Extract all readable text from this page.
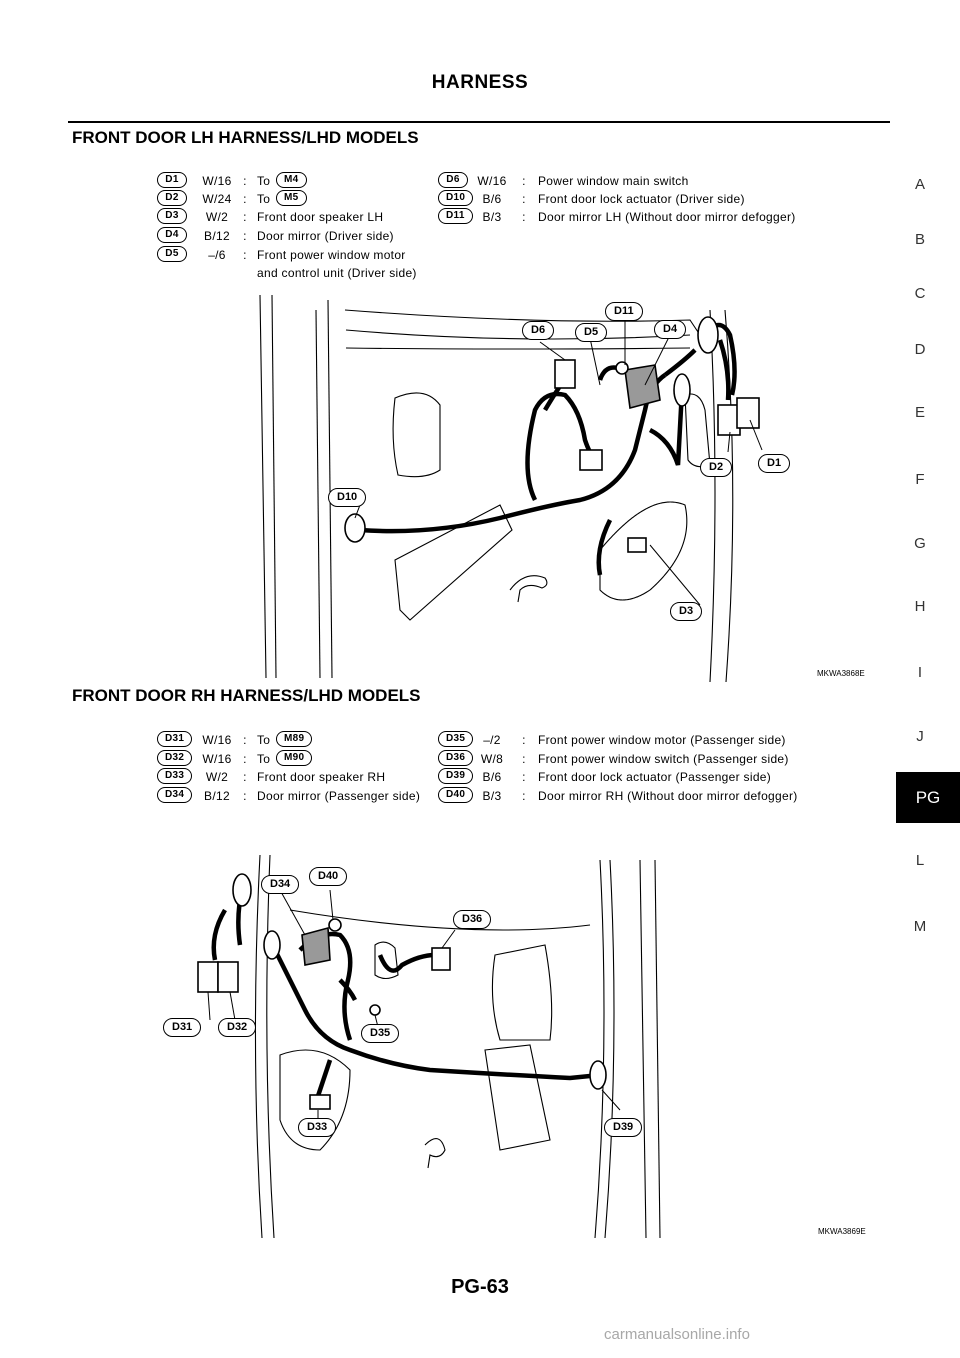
HARNESS
A
B
C
D
E
F
G
H
I
J
PG
L
M
FRONT DOOR LH HARNESS/LHD MODELS
D1	W/16 : To	M4
D2	W/24 : To	M5
D3	W/2	: Front door speaker LH
D4	B/12	: Door mirror (Driver side)
D5	–/6	: Front power window motor
and control unit (Driver side)
D6	W/16	: Power window main switch
D10	B/6	: Front door lock actuator (Driver side)
D11	B/3	: Door mirror LH (Without door mirror defogger)
D11
D6	D5	D4
D2	D1
D10
D3
MKWA3868E
FRONT DOOR RH HARNESS/LHD MODELS
D31	W/16 : To	M89
D32	W/16 : To	M90
D33	W/2	: Front door speaker RH
D34	B/12	: Door mirror (Passenger side)
D35	–/2	: Front power window motor (Passenger side)
D36	W/8	: Front power window switch (Passenger side)
D39	B/6	: Front door lock actuator (Passenger side)
D40	B/3	: Door mirror RH (Without door mirror defogger)
D34
D40
D36
D31	D32	D35
D33	D39
MKWA3869E
PG-63
carmanualsonline.info
